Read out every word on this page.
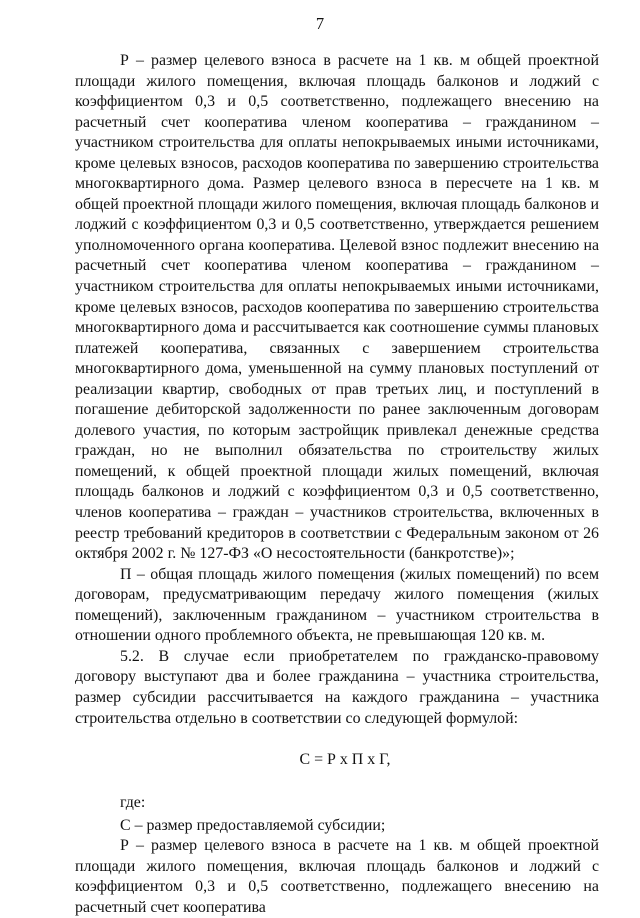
7

Р – размер целевого взноса в расчете на 1 кв. м общей проектной площади жилого помещения, включая площадь балконов и лоджий с коэффициентом 0,3 и 0,5 соответственно, подлежащего внесению на расчетный счет кооператива членом кооператива – гражданином – участником строительства для оплаты непокрываемых иными источниками, кроме целевых взносов, расходов кооператива по завершению строительства многоквартирного дома. Размер целевого взноса в пересчете на 1 кв. м общей проектной площади жилого помещения, включая площадь балконов и лоджий с коэффициентом 0,3 и 0,5 соответственно, утверждается решением уполномоченного органа кооператива. Целевой взнос подлежит внесению на расчетный счет кооператива членом кооператива – гражданином – участником строительства для оплаты непокрываемых иными источниками, кроме целевых взносов, расходов кооператива по завершению строительства многоквартирного дома и рассчитывается как соотношение суммы плановых платежей кооператива, связанных с завершением строительства многоквартирного дома, уменьшенной на сумму плановых поступлений от реализации квартир, свободных от прав третьих лиц, и поступлений в погашение дебиторской задолженности по ранее заключенным договорам долевого участия, по которым застройщик привлекал денежные средства граждан, но не выполнил обязательства по строительству жилых помещений, к общей проектной площади жилых помещений, включая площадь балконов и лоджий с коэффициентом 0,3 и 0,5 соответственно, членов кооператива – граждан – участников строительства, включенных в реестр требований кредиторов в соответствии с Федеральным законом от 26 октября 2002 г. № 127-ФЗ «О несостоятельности (банкротстве)»;

П – общая площадь жилого помещения (жилых помещений) по всем договорам, предусматривающим передачу жилого помещения (жилых помещений), заключенным гражданином – участником строительства в отношении одного проблемного объекта, не превышающая 120 кв. м.

5.2. В случае если приобретателем по гражданско-правовому договору выступают два и более гражданина – участника строительства, размер субсидии рассчитывается на каждого гражданина – участника строительства отдельно в соответствии со следующей формулой:

С = Р х П х Г,

где:

С – размер предоставляемой субсидии;

Р – размер целевого взноса в расчете на 1 кв. м общей проектной площади жилого помещения, включая площадь балконов и лоджий с коэффициентом 0,3 и 0,5 соответственно, подлежащего внесению на расчетный счет кооператива
